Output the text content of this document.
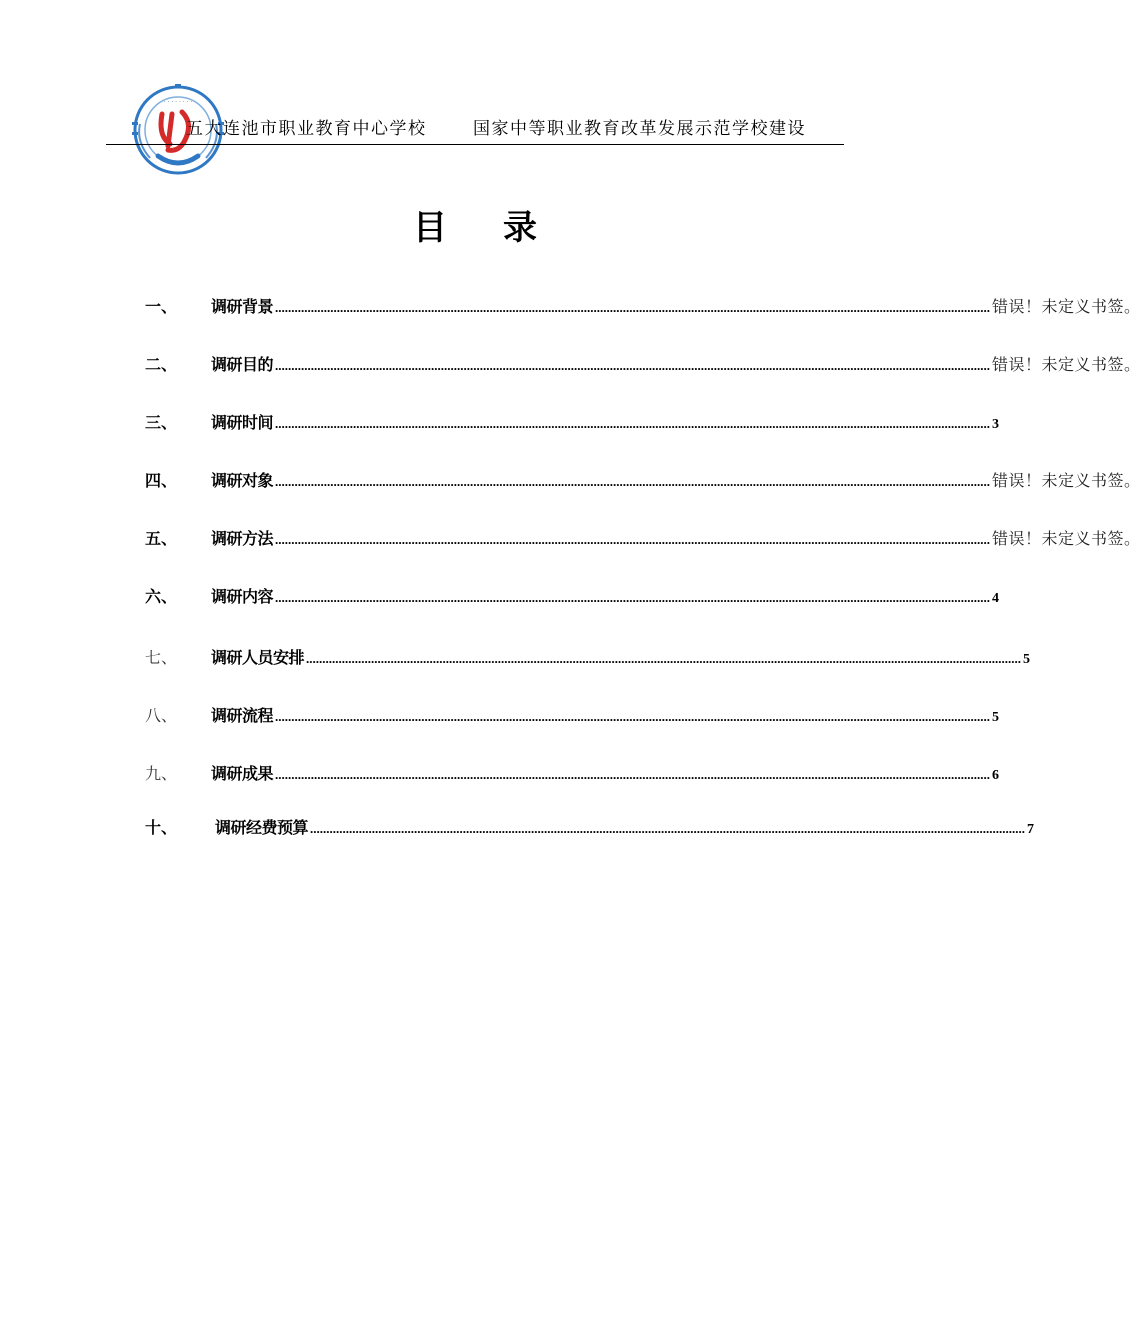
· · · · · · · ·
五大连池市职业教育中心学校	国家中等职业教育改革发展示范学校建设
目 录
一、	调研背景 ............................................................................................................................................................................................................................ 错误！未定义书签。
二、	调研目的 ............................................................................................................................................................................................................................ 错误！未定义书签。
三、	调研时间 ............................................................................................................................................................................................................................ 3
四、	调研对象 ............................................................................................................................................................................................................................ 错误！未定义书签。
五、	调研方法 ............................................................................................................................................................................................................................ 错误！未定义书签。
六、	调研内容 ............................................................................................................................................................................................................................ 4
七、	调研人员安排 ............................................................................................................................................................................................................................ 5
八、	调研流程 ............................................................................................................................................................................................................................ 5
九、	调研成果 ............................................................................................................................................................................................................................ 6
十、	调研经费预算 ............................................................................................................................................................................................................................ 7
